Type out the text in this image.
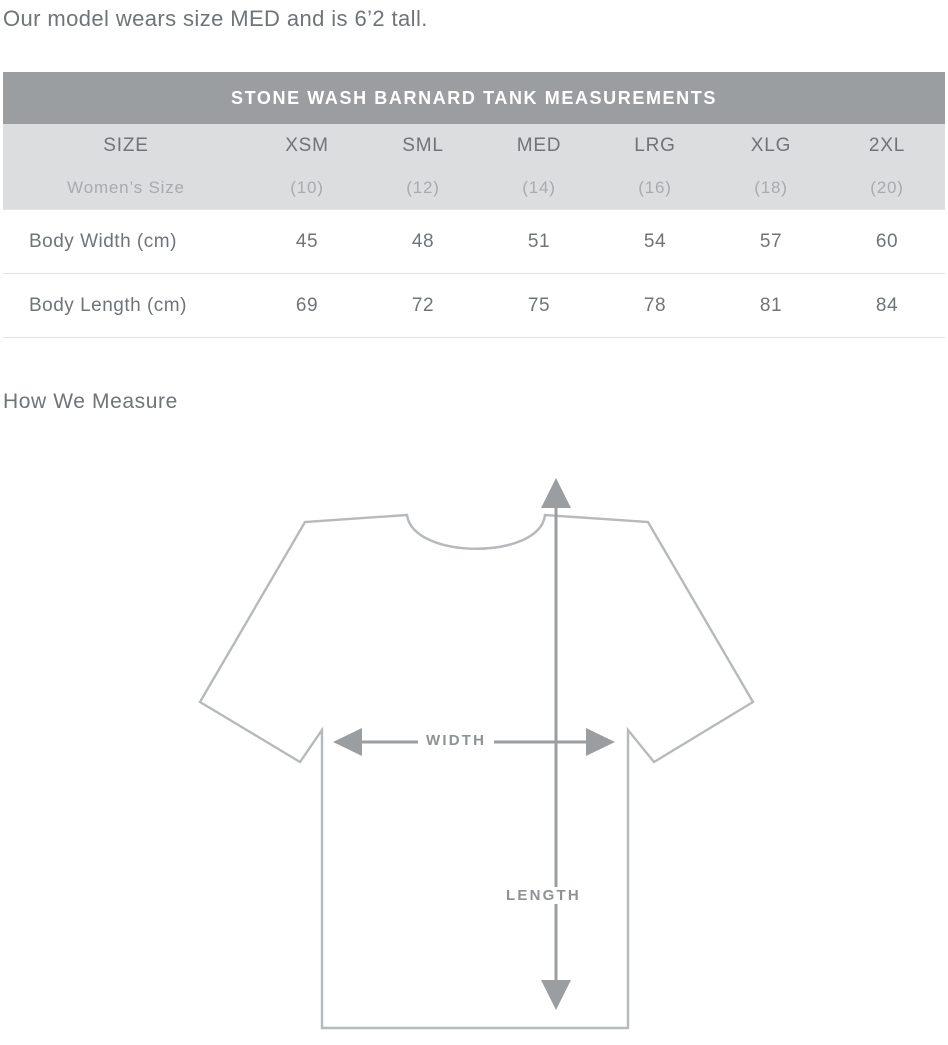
Our model wears size MED and is 6’2 tall.
STONE WASH BARNARD TANK MEASUREMENTS						
SIZE	XSM	SML	MED	LRG	XLG	2XL
Women’s Size	(10)	(12)	(14)	(16)	(18)	(20)
Body Width (cm)	45	48	51	54	57	60
Body Length (cm)	69	72	75	78	81	84
How We Measure
WIDTH
LENGTH
